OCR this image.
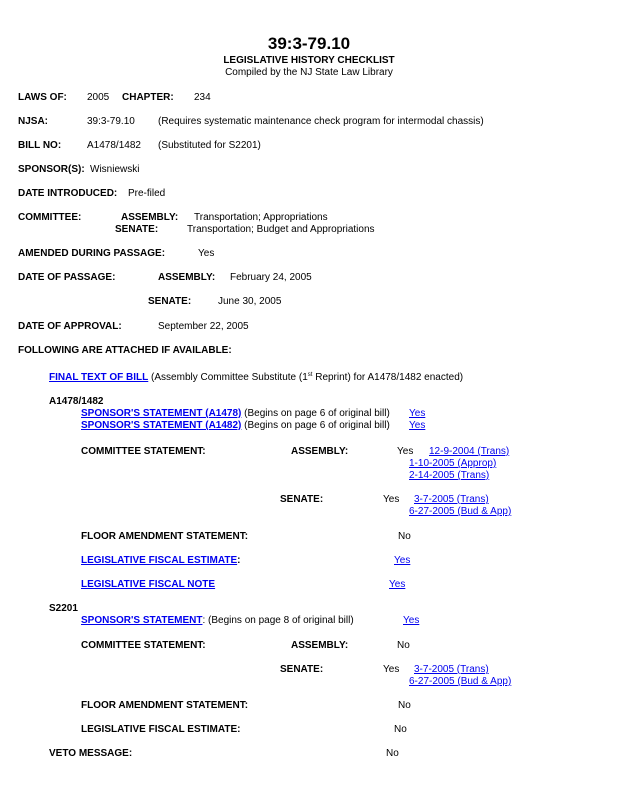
39:3-79.10
LEGISLATIVE HISTORY CHECKLIST
Compiled by the NJ State Law Library
LAWS OF: 2005 CHAPTER: 234
NJSA:	39:3-79.10 (Requires systematic maintenance check program for intermodal chassis)
BILL NO:	A1478/1482 (Substituted for S2201)
SPONSOR(S): Wisniewski
DATE INTRODUCED: Pre-filed
COMMITTEE:	ASSEMBLY: Transportation; Appropriations
SENATE:	Transportation; Budget and Appropriations
AMENDED DURING PASSAGE:	Yes
DATE OF PASSAGE:	ASSEMBLY: February 24, 2005
SENATE:	June 30, 2005
DATE OF APPROVAL:	September 22, 2005
FOLLOWING ARE ATTACHED IF AVAILABLE:
FINAL TEXT OF BILL (Assembly Committee Substitute (1st Reprint) for A1478/1482 enacted)
A1478/1482
SPONSOR'S STATEMENT (A1478) (Begins on page 6 of original bill) Yes
SPONSOR'S STATEMENT (A1482) (Begins on page 6 of original bill) Yes
COMMITTEE STATEMENT:	ASSEMBLY:	Yes 12-9-2004 (Trans)
1-10-2005 (Approp)
2-14-2005 (Trans)
SENATE:	Yes 3-7-2005 (Trans)
6-27-2005 (Bud & App)
FLOOR AMENDMENT STATEMENT:	No
LEGISLATIVE FISCAL ESTIMATE:	Yes
LEGISLATIVE FISCAL NOTE	Yes
S2201
SPONSOR'S STATEMENT: (Begins on page 8 of original bill)	Yes
COMMITTEE STATEMENT:	ASSEMBLY:	No
SENATE:	Yes 3-7-2005 (Trans)
6-27-2005 (Bud & App)
FLOOR AMENDMENT STATEMENT:	No
LEGISLATIVE FISCAL ESTIMATE:	No
VETO MESSAGE:	No
